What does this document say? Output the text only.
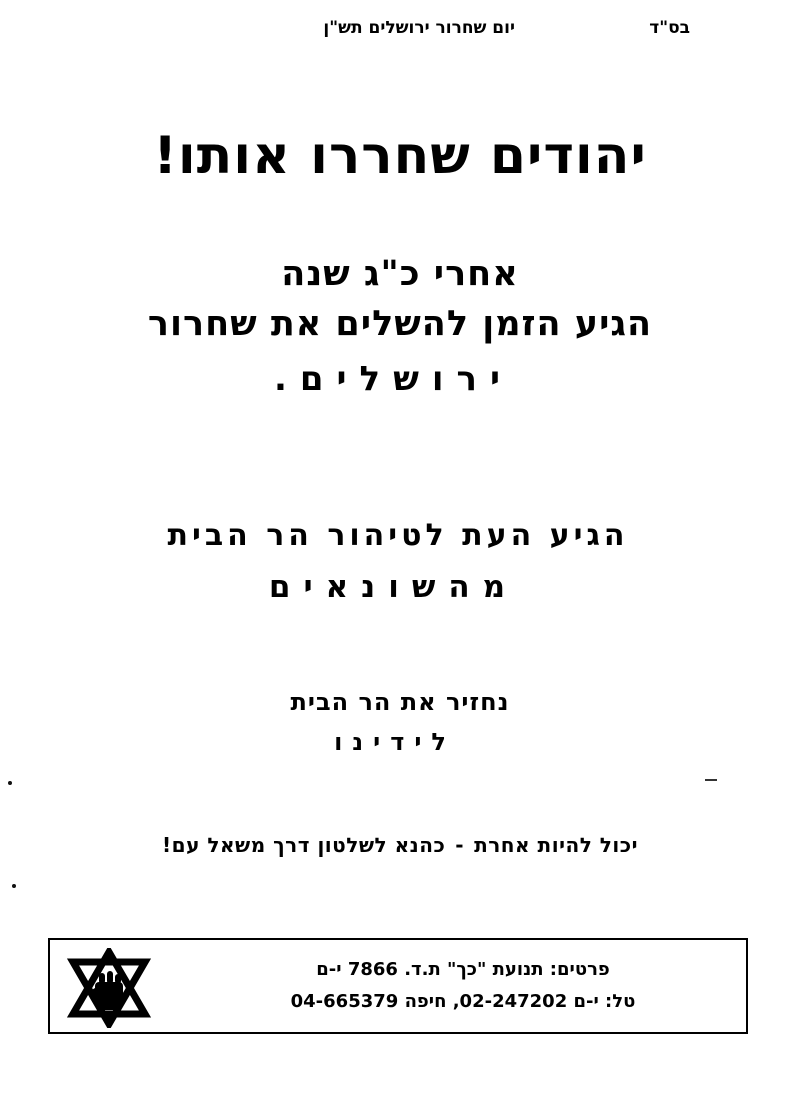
בס"ד
יום שחרור ירושלים תש"ן
יהודים שחררו אותו!
אחרי כ"ג שנה
הגיע הזמן להשלים את שחרור
ירושלים.
הגיע העת לטיהור הר הבית
מהשונאים
נחזיר את הר הבית
לידינו
יכול להיות אחרת-כהנא לשלטון דרך משאל עם!
פרטים: תנועת "כך" ת.ד. 7866 י-ם
טל: י-ם 02-247202, חיפה 04-665379
